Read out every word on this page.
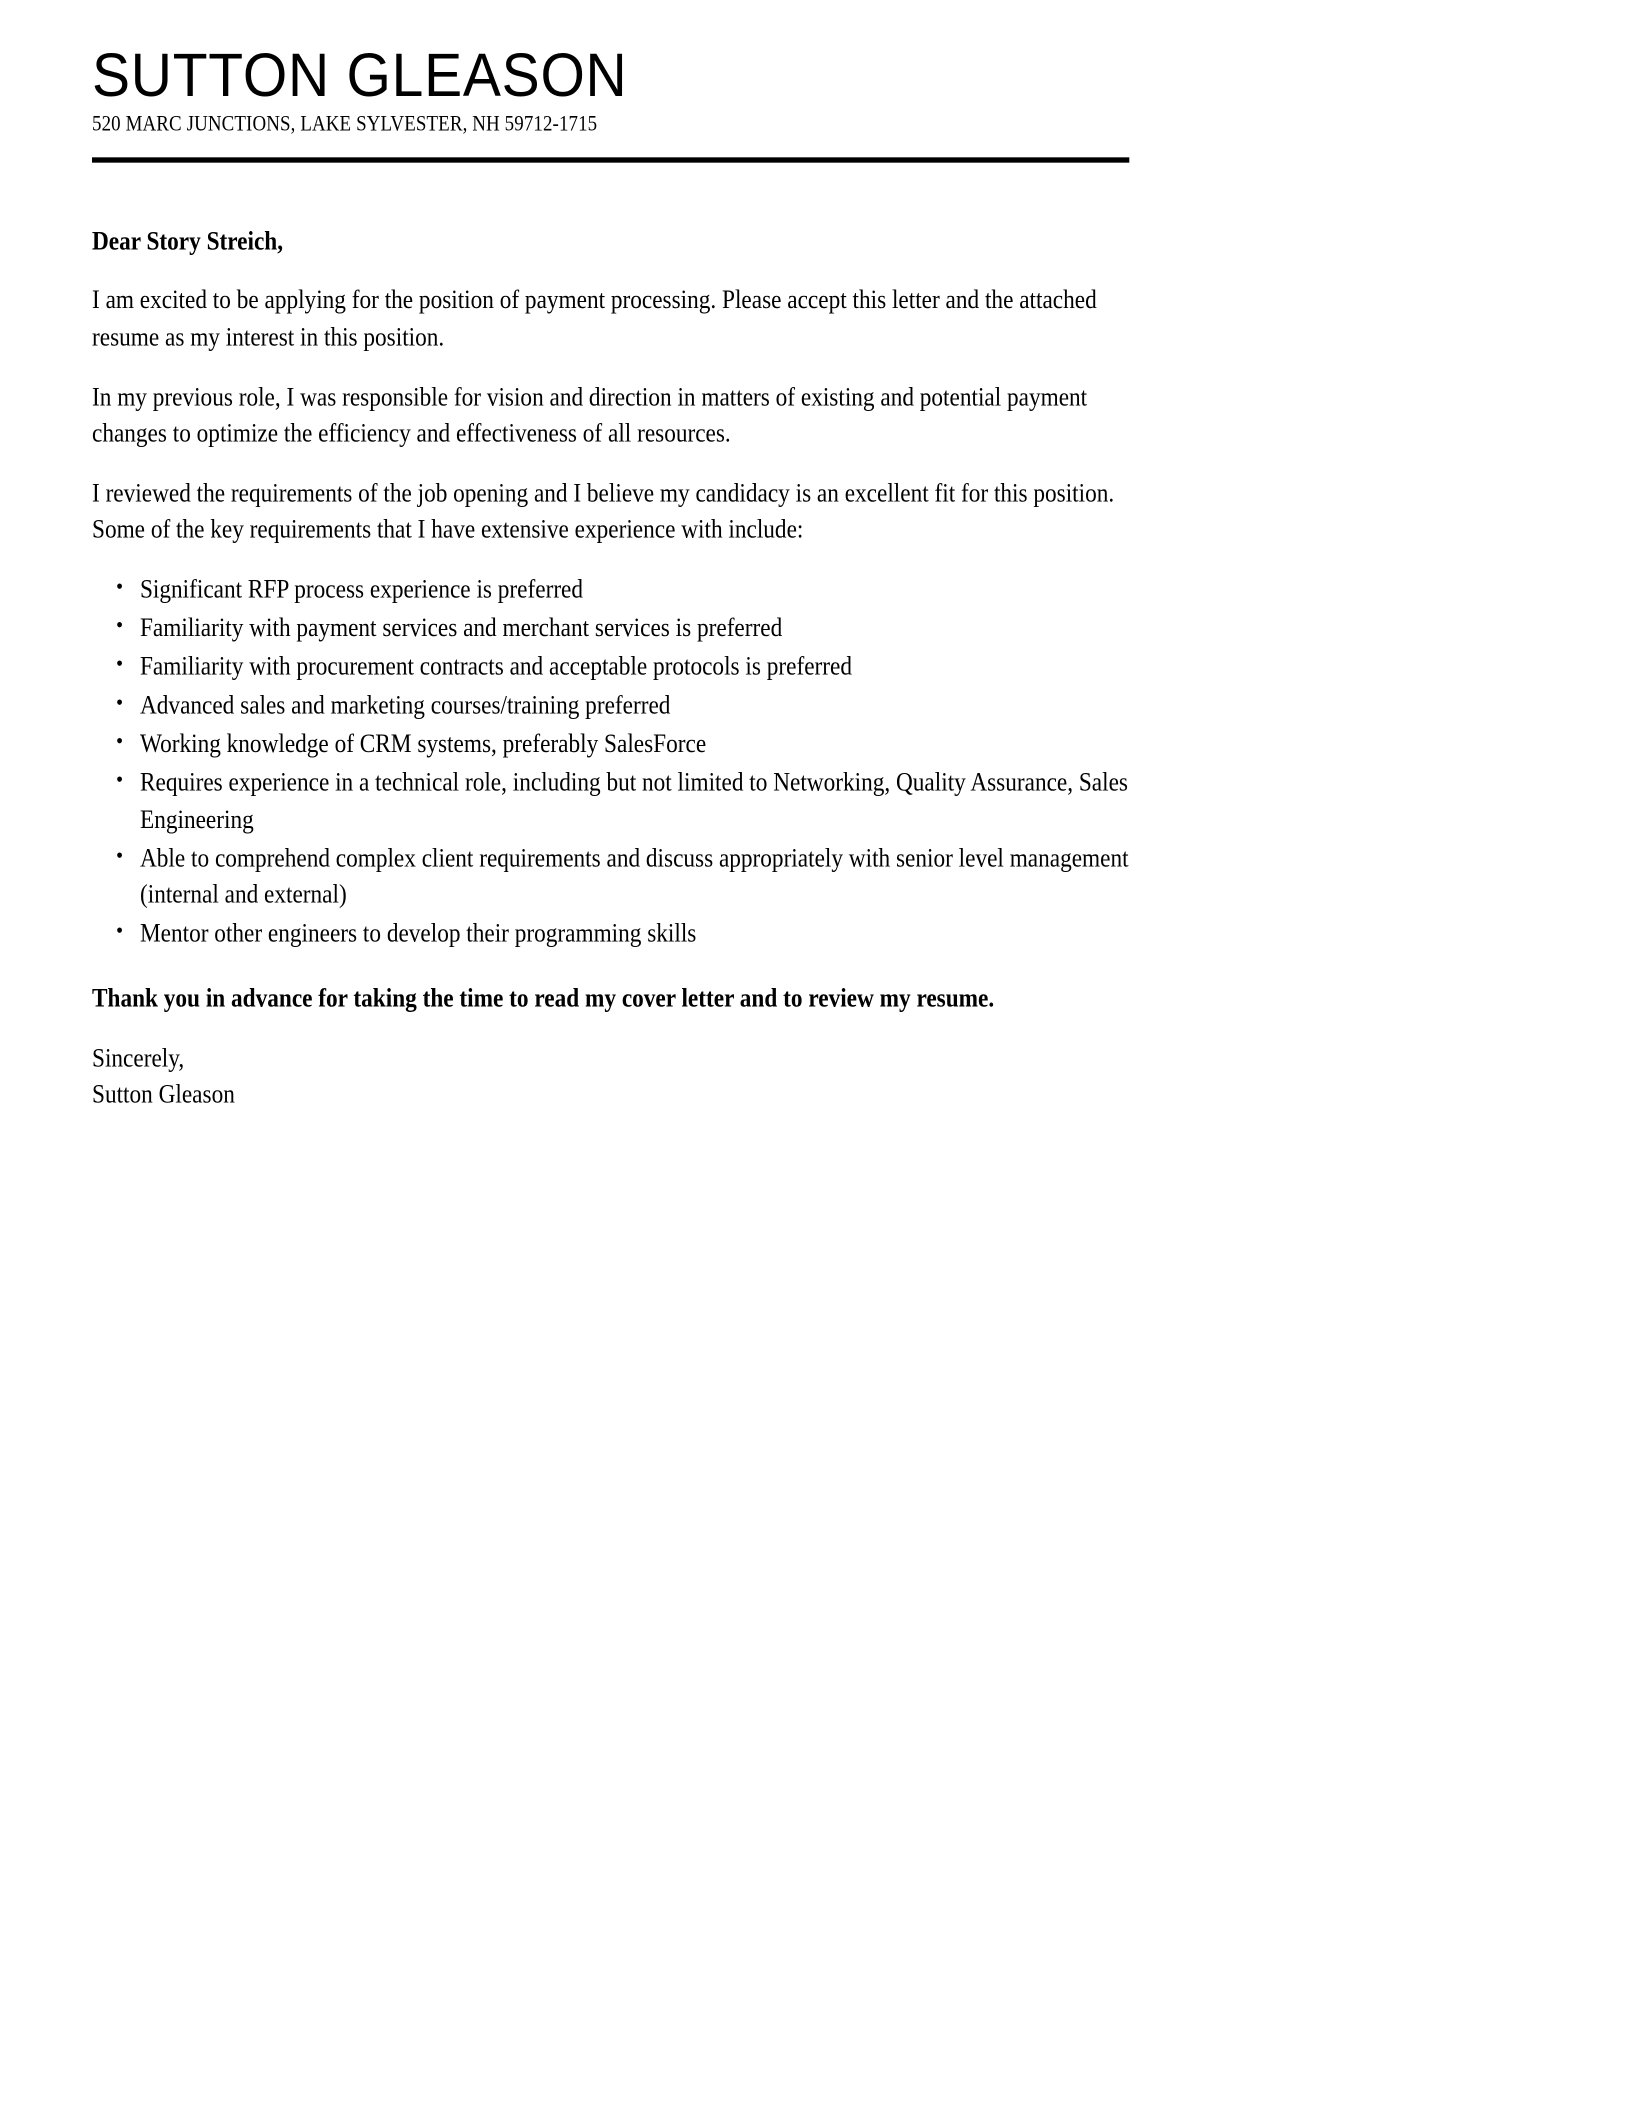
SUTTON GLEASON
520 MARC JUNCTIONS, LAKE SYLVESTER, NH 59712-1715

Dear Story Streich,

I am excited to be applying for the position of payment processing. Please accept this letter and the attached resume as my interest in this position.

In my previous role, I was responsible for vision and direction in matters of existing and potential payment changes to optimize the efficiency and effectiveness of all resources.

I reviewed the requirements of the job opening and I believe my candidacy is an excellent fit for this position. Some of the key requirements that I have extensive experience with include:

• Significant RFP process experience is preferred
• Familiarity with payment services and merchant services is preferred
• Familiarity with procurement contracts and acceptable protocols is preferred
• Advanced sales and marketing courses/training preferred
• Working knowledge of CRM systems, preferably SalesForce
• Requires experience in a technical role, including but not limited to Networking, Quality Assurance, Sales Engineering
• Able to comprehend complex client requirements and discuss appropriately with senior level management (internal and external)
• Mentor other engineers to develop their programming skills

Thank you in advance for taking the time to read my cover letter and to review my resume.

Sincerely,

Sutton Gleason
